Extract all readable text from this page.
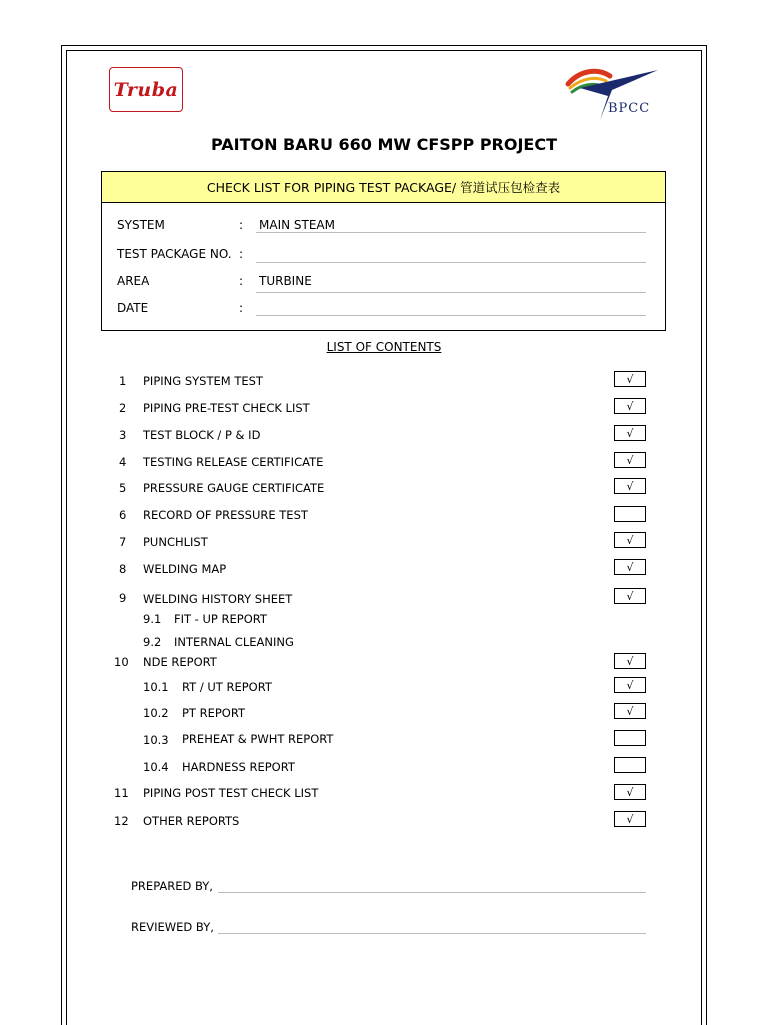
Truba
BPCC
PAITON BARU 660 MW CFSPP PROJECT
CHECK LIST FOR PIPING TEST PACKAGE/ 管道试压包检查表
SYSTEM	: MAIN STEAM
TEST PACKAGE NO. :
AREA	: TURBINE
DATE	:
LIST OF CONTENTS
1 PIPING SYSTEM TEST	√
2 PIPING PRE-TEST CHECK LIST	√
3 TEST BLOCK / P & ID	√
4 TESTING RELEASE CERTIFICATE	√
5 PRESSURE GAUGE CERTIFICATE	√
6 RECORD OF PRESSURE TEST
7 PUNCHLIST	√
8 WELDING MAP	√
9 WELDING HISTORY SHEET	√
9.1 FIT - UP REPORT
9.2 INTERNAL CLEANING
10 NDE REPORT	√
10.1 RT / UT REPORT	√
10.2 PT REPORT	√
10.3 PREHEAT & PWHT REPORT
10.4 HARDNESS REPORT
11 PIPING POST TEST CHECK LIST	√
12 OTHER REPORTS	√
PREPARED BY,
REVIEWED BY,
